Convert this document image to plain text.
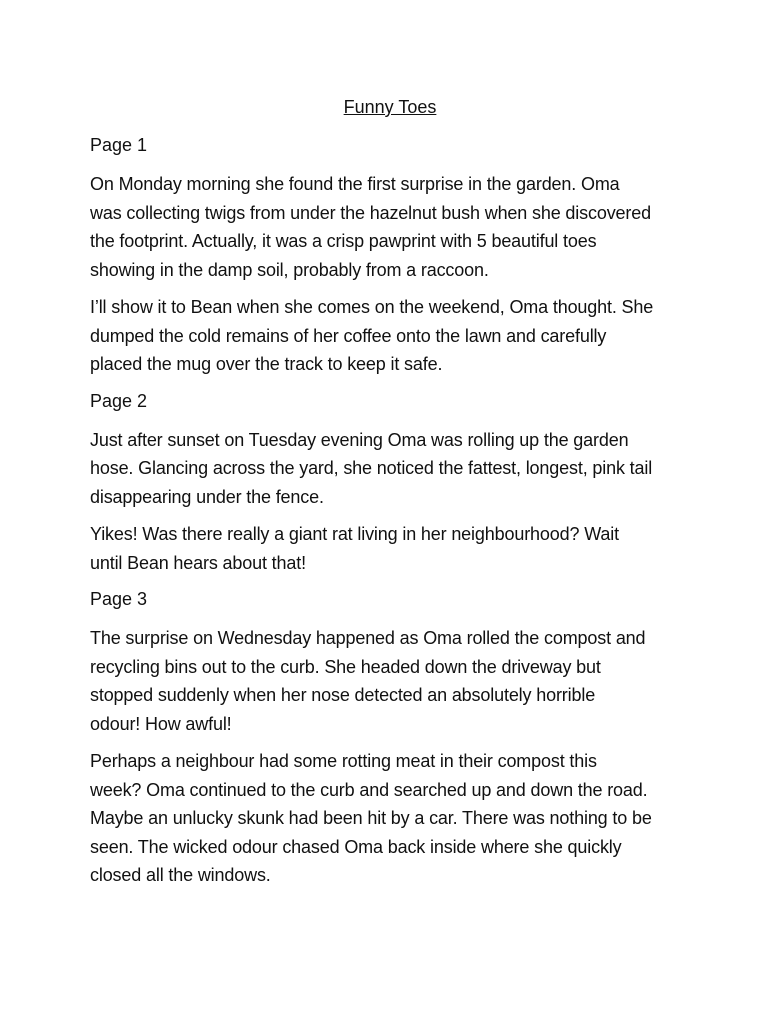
Funny Toes

Page 1

On Monday morning she found the first surprise in the garden. Oma
was collecting twigs from under the hazelnut bush when she discovered
the footprint. Actually, it was a crisp pawprint with 5 beautiful toes
showing in the damp soil, probably from a raccoon.

I’ll show it to Bean when she comes on the weekend, Oma thought. She
dumped the cold remains of her coffee onto the lawn and carefully
placed the mug over the track to keep it safe.

Page 2

Just after sunset on Tuesday evening Oma was rolling up the garden
hose. Glancing across the yard, she noticed the fattest, longest, pink tail
disappearing under the fence.

Yikes! Was there really a giant rat living in her neighbourhood? Wait
until Bean hears about that!

Page 3

The surprise on Wednesday happened as Oma rolled the compost and
recycling bins out to the curb. She headed down the driveway but
stopped suddenly when her nose detected an absolutely horrible
odour! How awful!

Perhaps a neighbour had some rotting meat in their compost this
week? Oma continued to the curb and searched up and down the road.
Maybe an unlucky skunk had been hit by a car. There was nothing to be
seen. The wicked odour chased Oma back inside where she quickly
closed all the windows.
